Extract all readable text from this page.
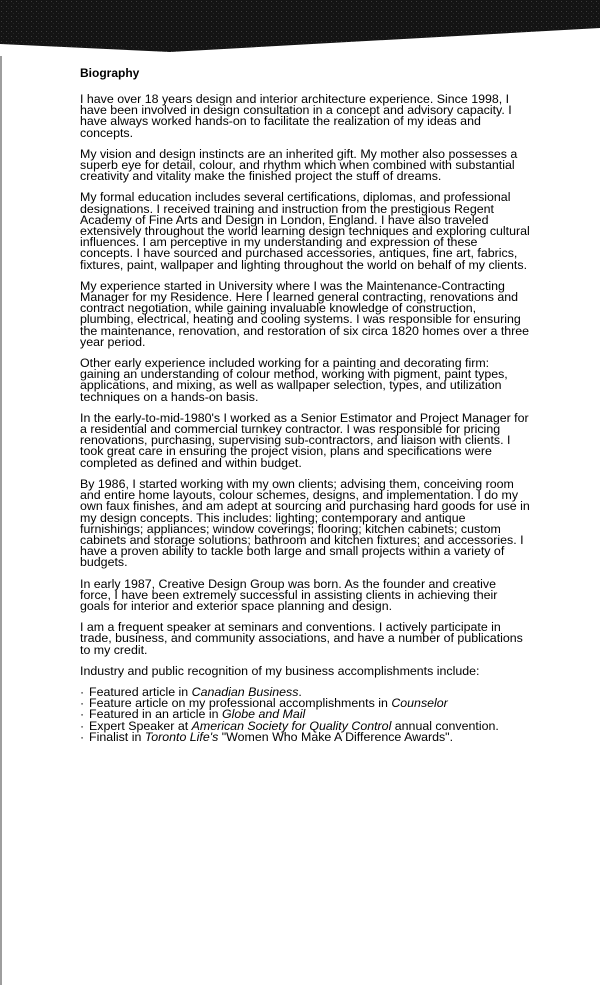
Biography

I have over 18 years design and interior architecture experience. Since 1998, I have been involved in design consultation in a concept and advisory capacity. I have always worked hands-on to facilitate the realization of my ideas and concepts.

My vision and design instincts are an inherited gift. My mother also possesses a superb eye for detail, colour, and rhythm which when combined with substantial creativity and vitality make the finished project the stuff of dreams.

My formal education includes several certifications, diplomas, and professional designations. I received training and instruction from the prestigious Regent Academy of Fine Arts and Design in London, England. I have also traveled extensively throughout the world learning design techniques and exploring cultural influences. I am perceptive in my understanding and expression of these concepts. I have sourced and purchased accessories, antiques, fine art, fabrics, fixtures, paint, wallpaper and lighting throughout the world on behalf of my clients.

My experience started in University where I was the Maintenance-Contracting Manager for my Residence. Here I learned general contracting, renovations and contract negotiation, while gaining invaluable knowledge of construction, plumbing, electrical, heating and cooling systems. I was responsible for ensuring the maintenance, renovation, and restoration of six circa 1820 homes over a three year period.

Other early experience included working for a painting and decorating firm: gaining an understanding of colour method, working with pigment, paint types, applications, and mixing, as well as wallpaper selection, types, and utilization techniques on a hands-on basis.

In the early-to-mid-1980's I worked as a Senior Estimator and Project Manager for a residential and commercial turnkey contractor. I was responsible for pricing renovations, purchasing, supervising sub-contractors, and liaison with clients. I took great care in ensuring the project vision, plans and specifications were completed as defined and within budget.

By 1986, I started working with my own clients; advising them, conceiving room and entire home layouts, colour schemes, designs, and implementation. I do my own faux finishes, and am adept at sourcing and purchasing hard goods for use in my design concepts. This includes: lighting; contemporary and antique furnishings; appliances; window coverings; flooring; kitchen cabinets; custom cabinets and storage solutions; bathroom and kitchen fixtures; and accessories. I have a proven ability to tackle both large and small projects within a variety of budgets.

In early 1987, Creative Design Group was born. As the founder and creative force, I have been extremely successful in assisting clients in achieving their goals for interior and exterior space planning and design.

I am a frequent speaker at seminars and conventions. I actively participate in trade, business, and community associations, and have a number of publications to my credit.

Industry and public recognition of my business accomplishments include:

· Featured article in Canadian Business.
· Feature article on my professional accomplishments in Counselor
· Featured in an article in Globe and Mail
· Expert Speaker at American Society for Quality Control annual convention.
· Finalist in Toronto Life's "Women Who Make A Difference Awards".
